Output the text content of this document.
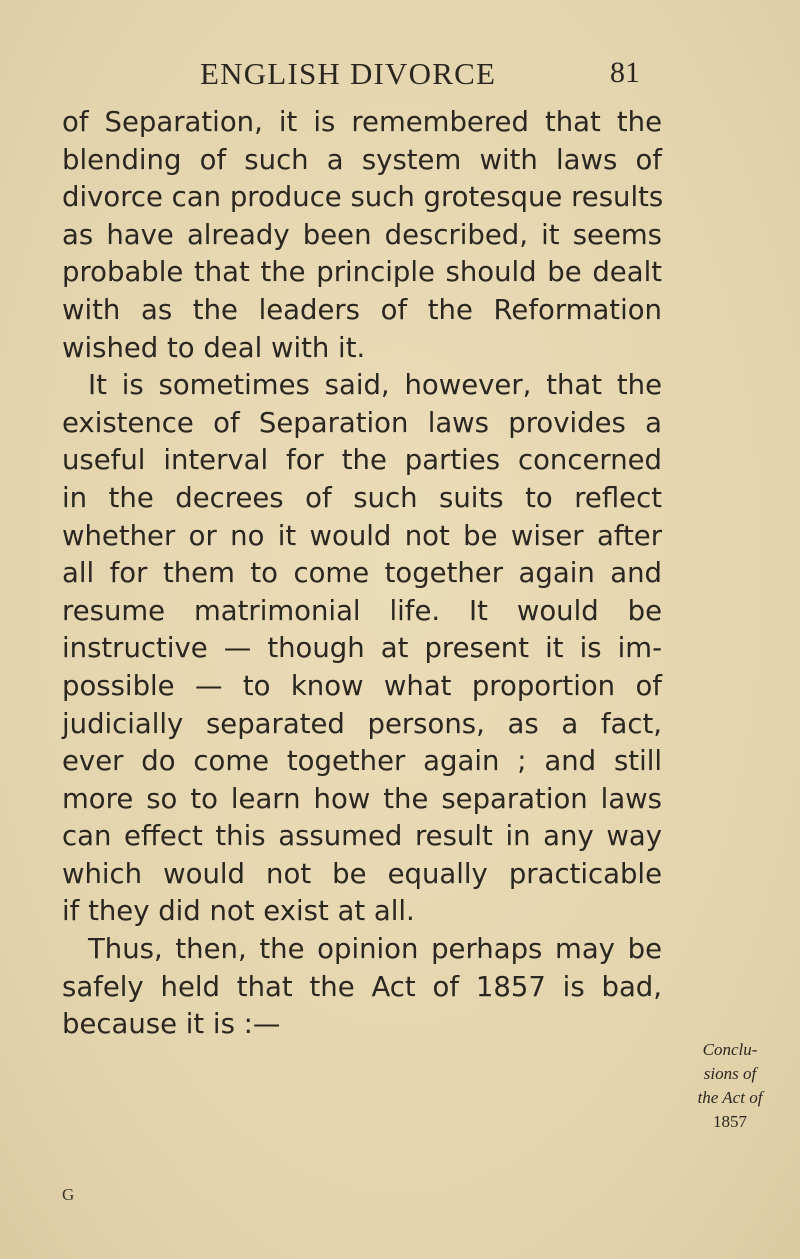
ENGLISH DIVORCE	81
of Separation, it is remembered that the
blending of such a system with laws of
divorce can produce such grotesque results
as have already been described, it seems
probable that the principle should be dealt
with as the leaders of the Reformation
wished to deal with it.
It is sometimes said, however, that the
existence of Separation laws provides a
useful interval for the parties concerned
in the decrees of such suits to reflect
whether or no it would not be wiser after
all for them to come together again and
resume matrimonial life. It would be
instructive — though at present it is im-
possible — to know what proportion of
judicially separated persons, as a fact,
ever do come together again ; and still
more so to learn how the separation laws
can effect this assumed result in any way
which would not be equally practicable
if they did not exist at all.
Thus, then, the opinion perhaps may be
safely held that the Act of 1857 is bad,
because it is :—
Conclu-
sions of
the Act of
1857
G
